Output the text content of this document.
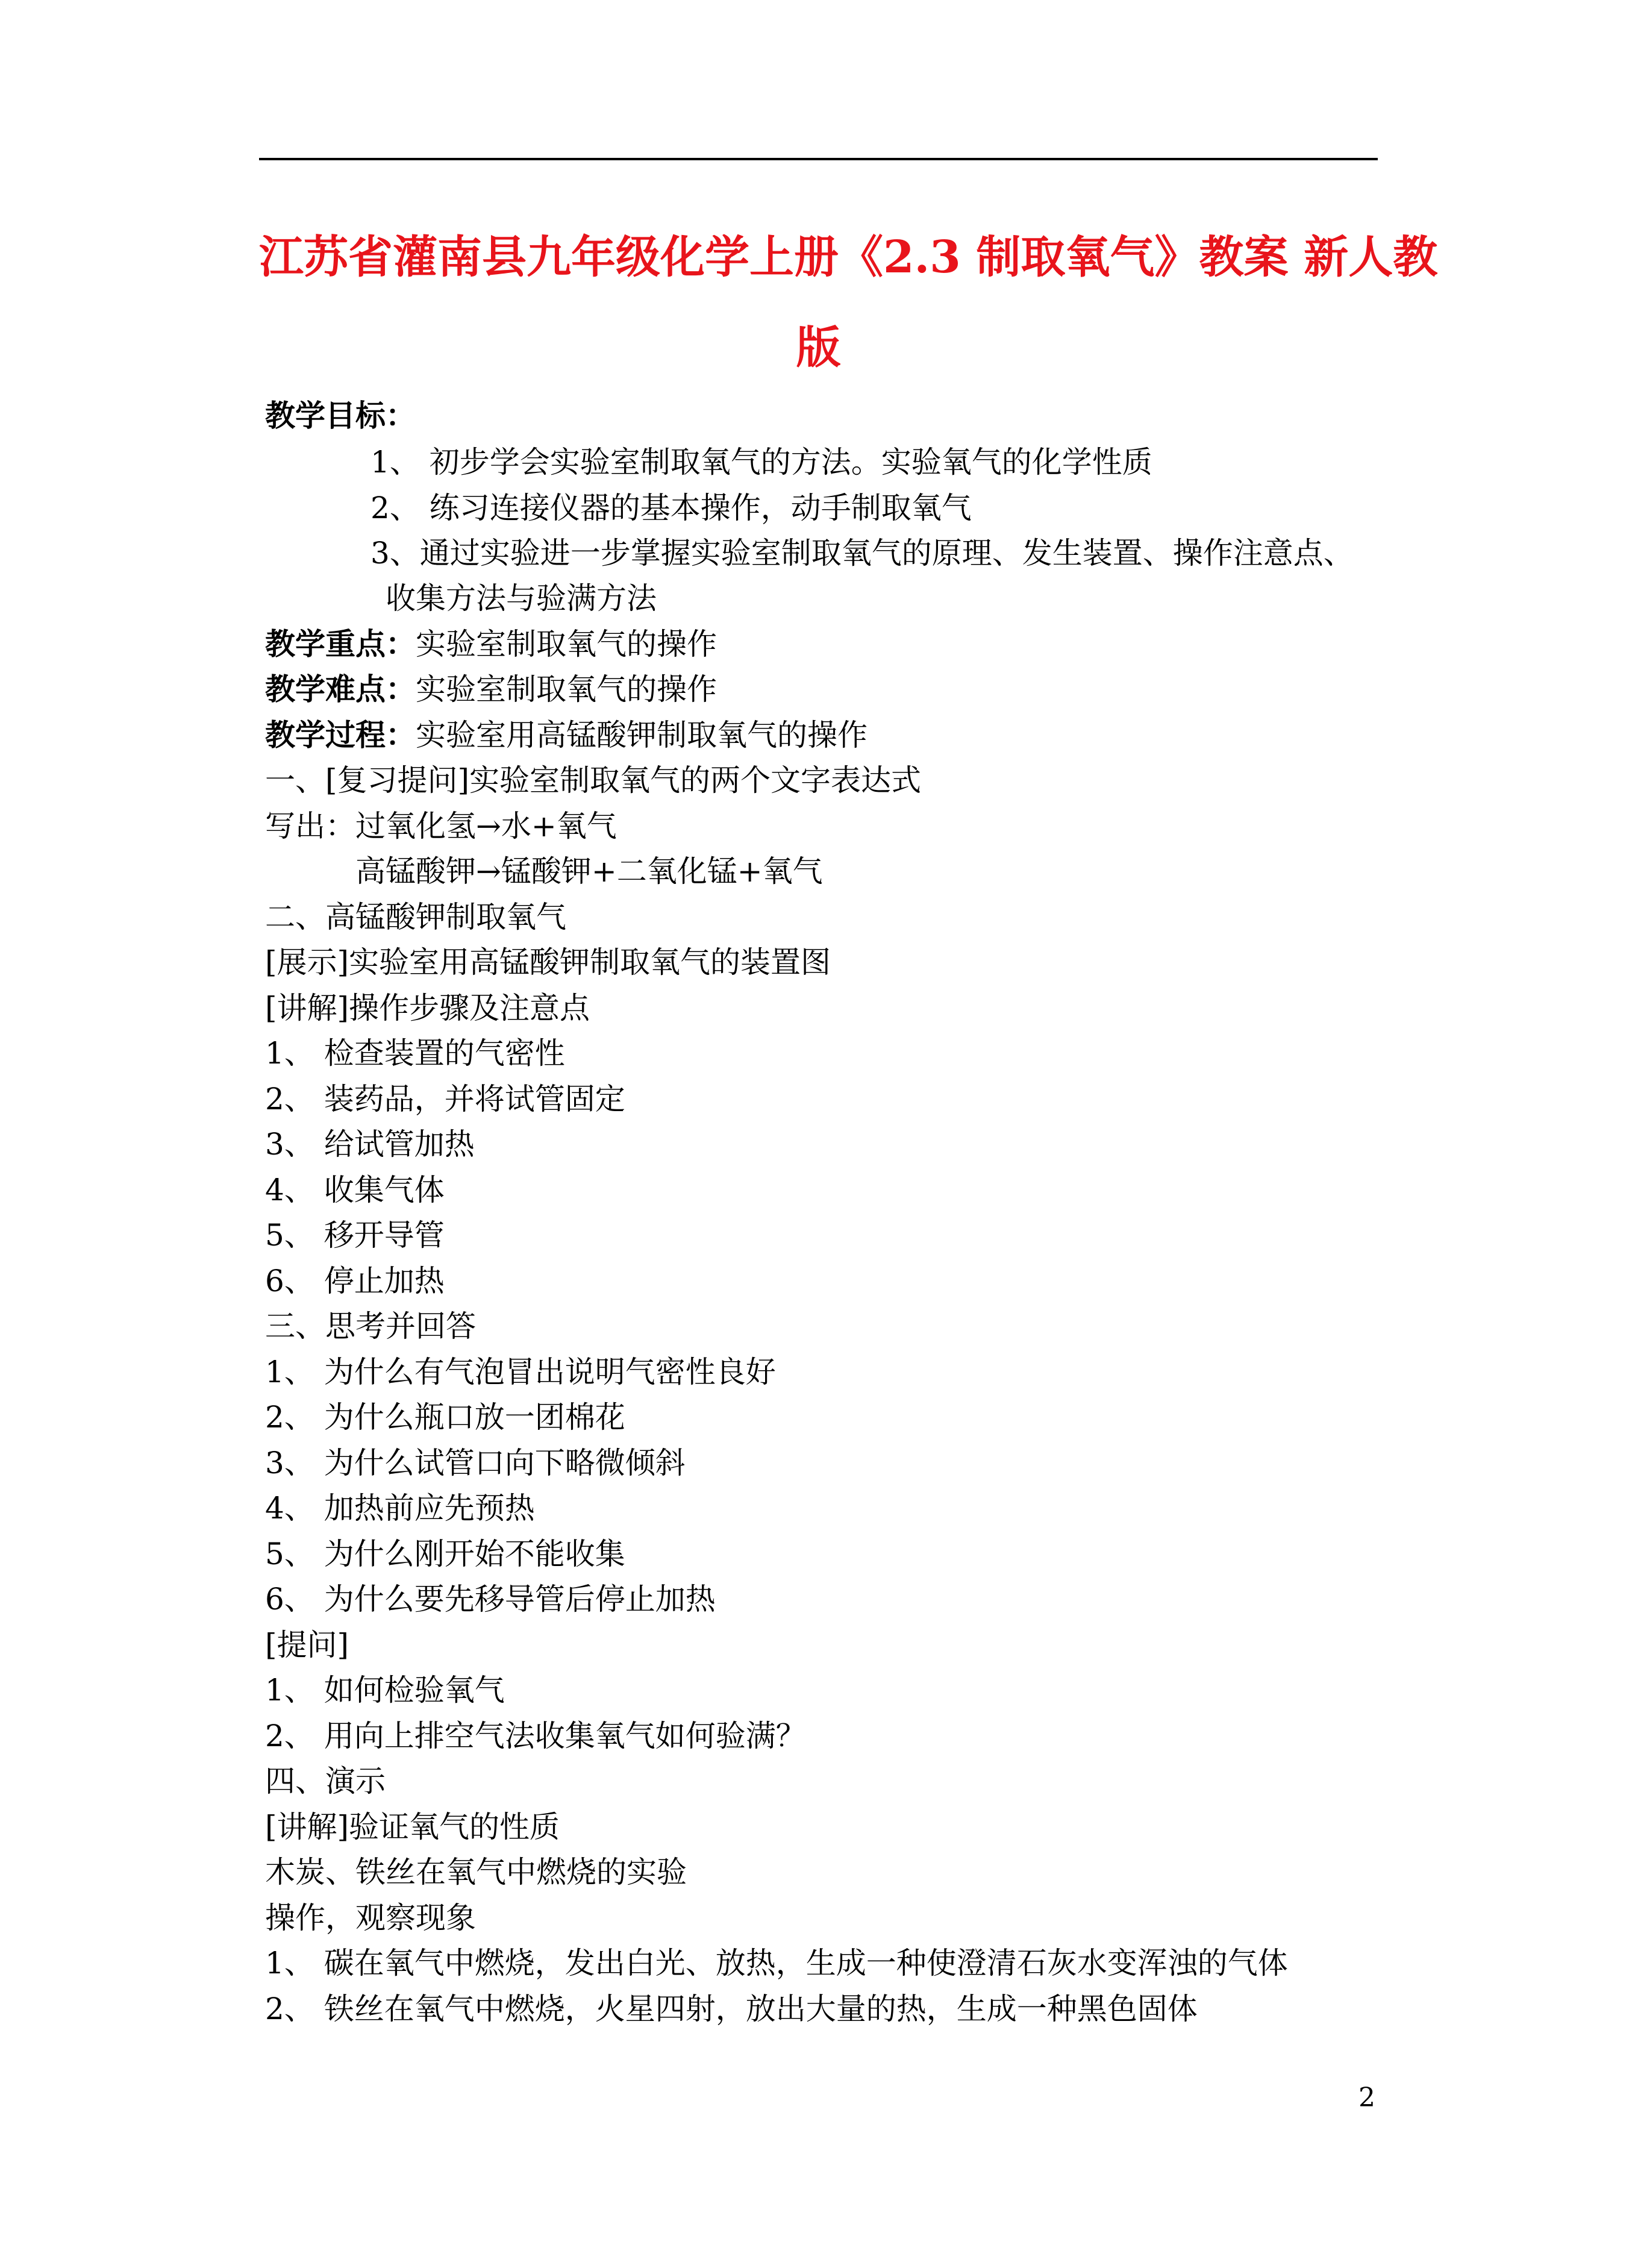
江苏省灌南县九年级化学上册《2.3 制取氧气》教案 新人教
版
教学目标：
1、 初步学会实验室制取氧气的方法。实验氧气的化学性质
2、 练习连接仪器的基本操作，动手制取氧气
3、通过实验进一步掌握实验室制取氧气的原理、发生装置、操作注意点、
收集方法与验满方法
教学重点：实验室制取氧气的操作
教学难点：实验室制取氧气的操作
教学过程：实验室用高锰酸钾制取氧气的操作
一、[复习提问]实验室制取氧气的两个文字表达式
写出：过氧化氢→水+氧气
高锰酸钾→锰酸钾+二氧化锰+氧气
二、高锰酸钾制取氧气
[展示]实验室用高锰酸钾制取氧气的装置图
[讲解]操作步骤及注意点
1、 检查装置的气密性
2、 装药品，并将试管固定
3、 给试管加热
4、 收集气体
5、 移开导管
6、 停止加热
三、思考并回答
1、 为什么有气泡冒出说明气密性良好
2、 为什么瓶口放一团棉花
3、 为什么试管口向下略微倾斜
4、 加热前应先预热
5、 为什么刚开始不能收集
6、 为什么要先移导管后停止加热
[提问]
1、 如何检验氧气
2、 用向上排空气法收集氧气如何验满？
四、演示
[讲解]验证氧气的性质
木炭、铁丝在氧气中燃烧的实验
操作，观察现象
1、 碳在氧气中燃烧，发出白光、放热，生成一种使澄清石灰水变浑浊的气体
2、 铁丝在氧气中燃烧，火星四射，放出大量的热，生成一种黑色固体
2
